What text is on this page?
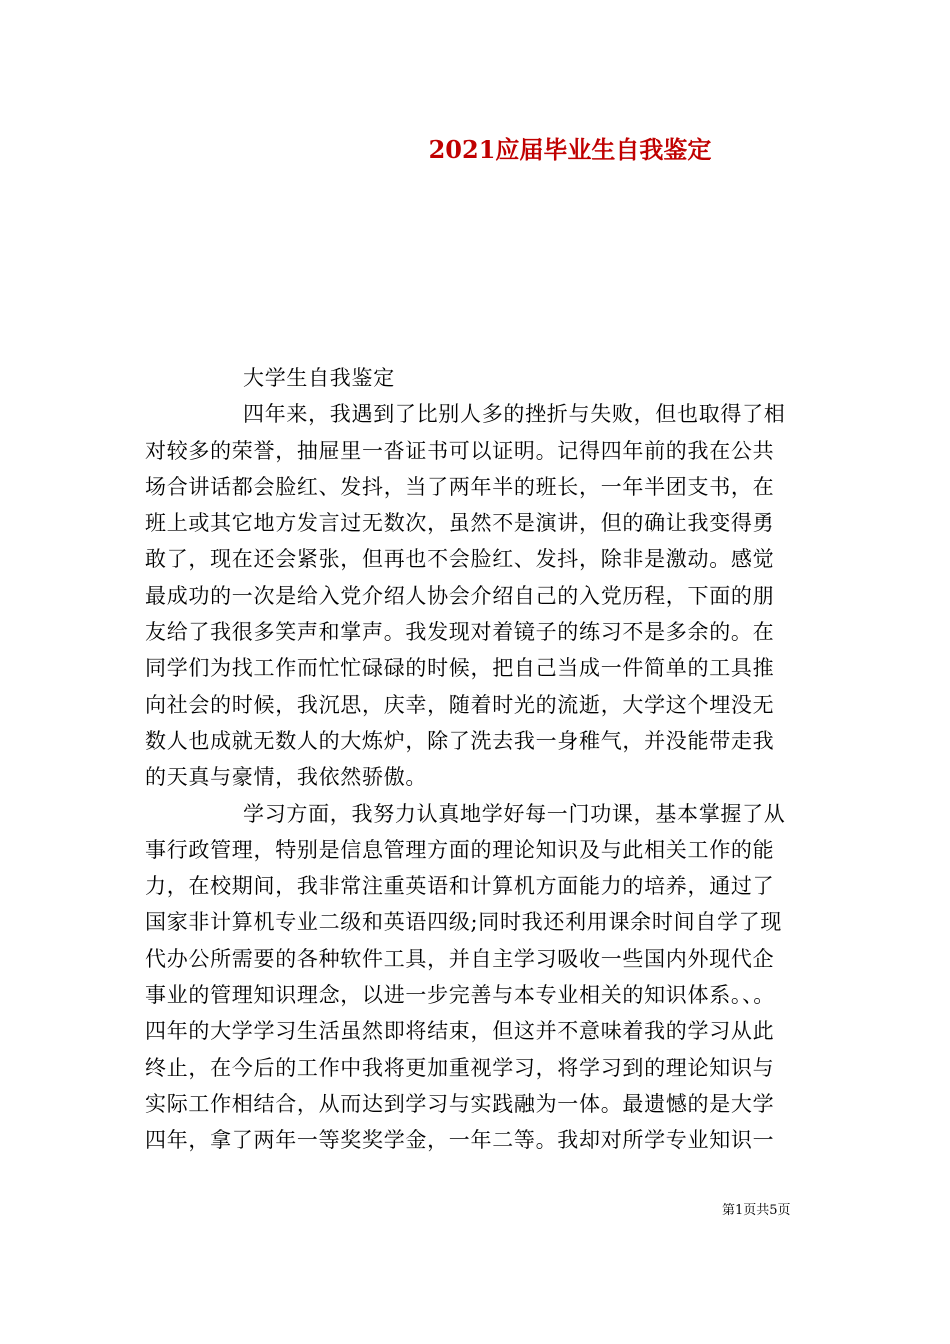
2021应届毕业生自我鉴定
大学生自我鉴定
四年来，我遇到了比别人多的挫折与失败，但也取得了相
对较多的荣誉，抽屉里一沓证书可以证明。记得四年前的我在公共
场合讲话都会脸红、发抖，当了两年半的班长，一年半团支书，在
班上或其它地方发言过无数次，虽然不是演讲，但的确让我变得勇
敢了，现在还会紧张，但再也不会脸红、发抖，除非是激动。感觉
最成功的一次是给入党介绍人协会介绍自己的入党历程，下面的朋
友给了我很多笑声和掌声。我发现对着镜子的练习不是多余的。在
同学们为找工作而忙忙碌碌的时候，把自己当成一件简单的工具推
向社会的时候，我沉思，庆幸，随着时光的流逝，大学这个埋没无
数人也成就无数人的大炼炉，除了洗去我一身稚气，并没能带走我
的天真与豪情，我依然骄傲。
学习方面，我努力认真地学好每一门功课，基本掌握了从
事行政管理，特别是信息管理方面的理论知识及与此相关工作的能
力，在校期间，我非常注重英语和计算机方面能力的培养，通过了
国家非计算机专业二级和英语四级;同时我还利用课余时间自学了现
代办公所需要的各种软件工具，并自主学习吸收一些国内外现代企
事业的管理知识理念，以进一步完善与本专业相关的知识体系。、。
四年的大学学习生活虽然即将结束，但这并不意味着我的学习从此
终止，在今后的工作中我将更加重视学习，将学习到的理论知识与
实际工作相结合，从而达到学习与实践融为一体。最遗憾的是大学
四年，拿了两年一等奖奖学金，一年二等。我却对所学专业知识一
第1页共5页
